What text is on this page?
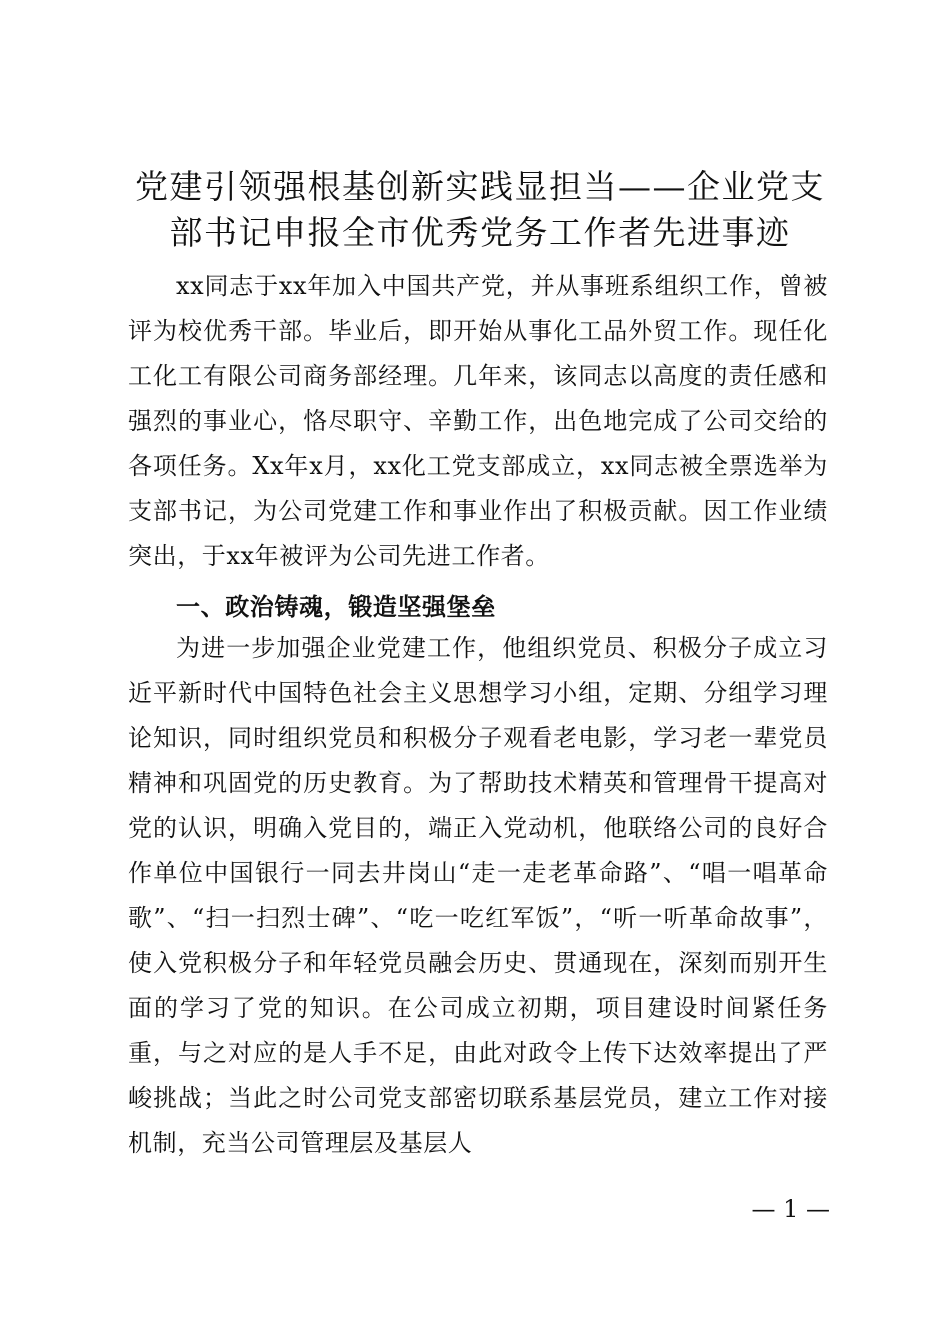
党建引领强根基创新实践显担当——企业党支部书记申报全市优秀党务工作者先进事迹

xx同志于xx年加入中国共产党，并从事班系组织工作，曾被评为校优秀干部。毕业后，即开始从事化工品外贸工作。现任化工化工有限公司商务部经理。几年来，该同志以高度的责任感和强烈的事业心，恪尽职守、辛勤工作，出色地完成了公司交给的各项任务。Xx年x月，xx化工党支部成立，xx同志被全票选举为支部书记，为公司党建工作和事业作出了积极贡献。因工作业绩突出，于xx年被评为公司先进工作者。

一、政治铸魂，锻造坚强堡垒

为进一步加强企业党建工作，他组织党员、积极分子成立习近平新时代中国特色社会主义思想学习小组，定期、分组学习理论知识，同时组织党员和积极分子观看老电影，学习老一辈党员精神和巩固党的历史教育。为了帮助技术精英和管理骨干提高对党的认识，明确入党目的，端正入党动机，他联络公司的良好合作单位中国银行一同去井岗山“走一走老革命路”、“唱一唱革命歌”、“扫一扫烈士碑”、“吃一吃红军饭”，“听一听革命故事”，使入党积极分子和年轻党员融会历史、贯通现在，深刻而别开生面的学习了党的知识。在公司成立初期，项目建设时间紧任务重，与之对应的是人手不足，由此对政令上传下达效率提出了严峻挑战；当此之时公司党支部密切联系基层党员，建立工作对接机制，充当公司管理层及基层人

— 1 —
